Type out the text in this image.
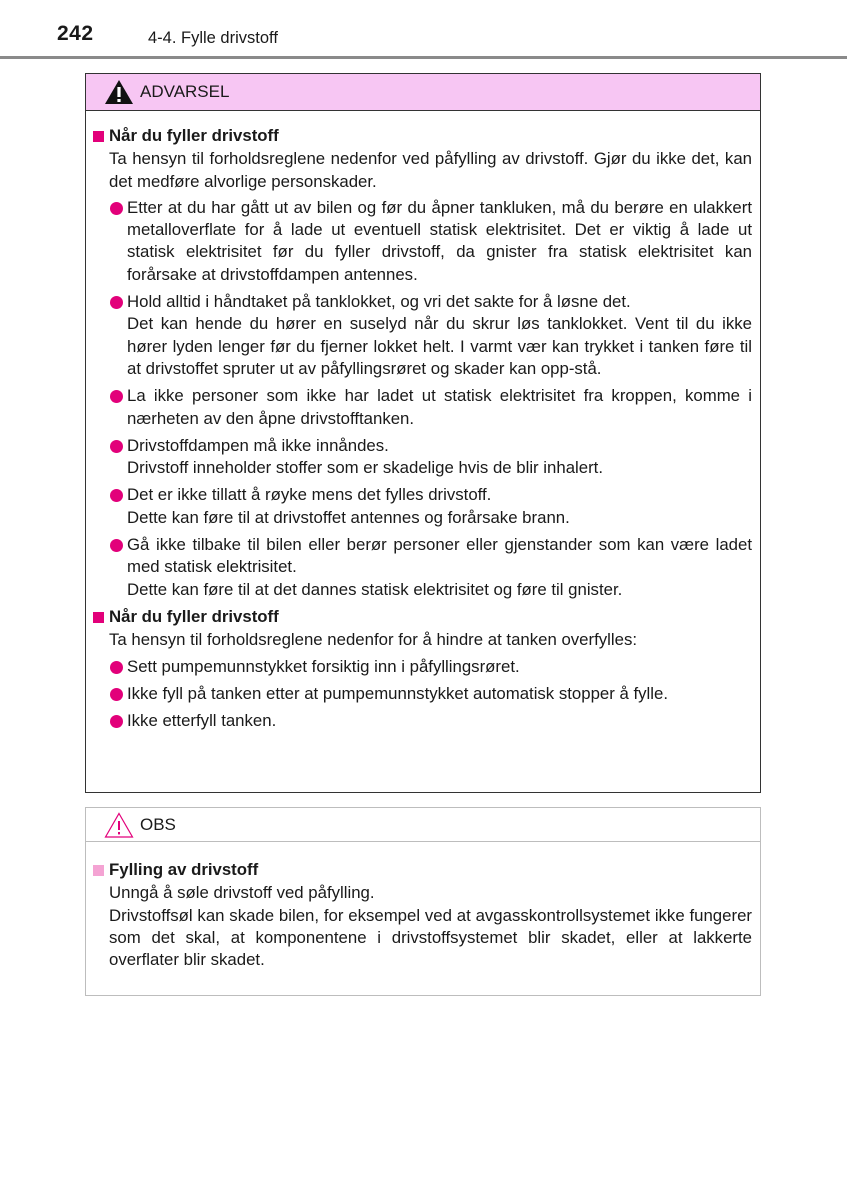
242	4-4. Fylle drivstoff
ADVARSEL
Når du fyller drivstoff

Ta hensyn til forholdsreglene nedenfor ved påfylling av drivstoff. Gjør du ikke det, kan det medføre alvorlige personskader.

Etter at du har gått ut av bilen og før du åpner tankluken, må du berøre en ulakkert metalloverflate for å lade ut eventuell statisk elektrisitet. Det er viktig å lade ut statisk elektrisitet før du fyller drivstoff, da gnister fra statisk elektrisitet kan forårsake at drivstoffdampen antennes.
Hold alltid i håndtaket på tanklokket, og vri det sakte for å løsne det.
Det kan hende du hører en suselyd når du skrur løs tanklokket. Vent til du ikke hører lyden lenger før du fjerner lokket helt. I varmt vær kan trykket i tanken føre til at drivstoffet spruter ut av påfyllingsrøret og skader kan opp-stå.
La ikke personer som ikke har ladet ut statisk elektrisitet fra kroppen, komme i nærheten av den åpne drivstofftanken.
Drivstoffdampen må ikke innåndes.
Drivstoff inneholder stoffer som er skadelige hvis de blir inhalert.
Det er ikke tillatt å røyke mens det fylles drivstoff.
Dette kan føre til at drivstoffet antennes og forårsake brann.
Gå ikke tilbake til bilen eller berør personer eller gjenstander som kan være ladet med statisk elektrisitet.
Dette kan føre til at det dannes statisk elektrisitet og føre til gnister.
Når du fyller drivstoff

Ta hensyn til forholdsreglene nedenfor for å hindre at tanken overfylles:

Sett pumpemunnstykket forsiktig inn i påfyllingsrøret.
Ikke fyll på tanken etter at pumpemunnstykket automatisk stopper å fylle.
Ikke etterfyll tanken.
OBS
Fylling av drivstoff

Unngå å søle drivstoff ved påfylling.

Drivstoffsøl kan skade bilen, for eksempel ved at avgasskontrollsystemet ikke fungerer som det skal, at komponentene i drivstoffsystemet blir skadet, eller at lakkerte overflater blir skadet.
